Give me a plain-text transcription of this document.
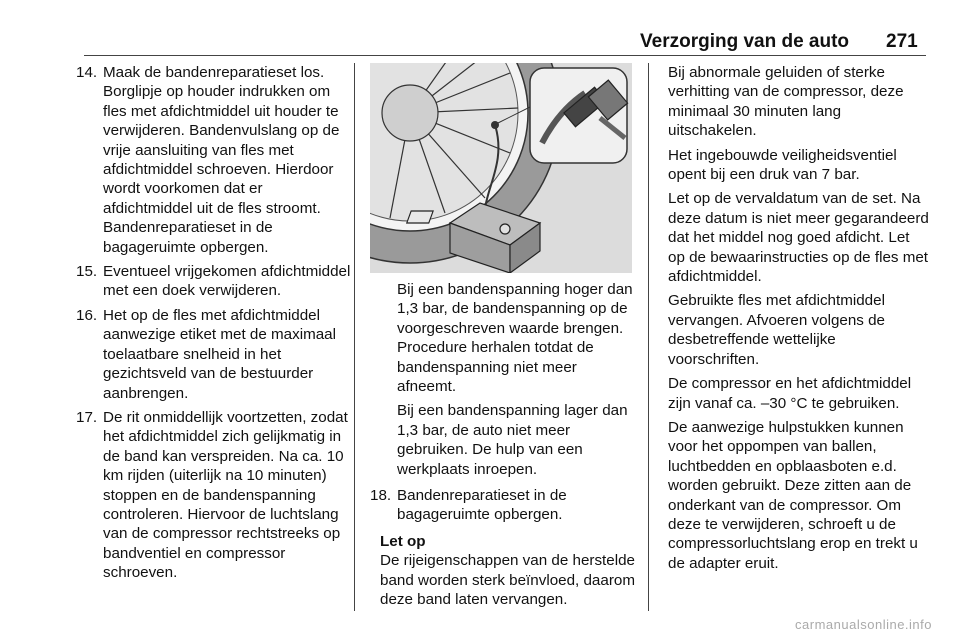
Verzorging van de auto 271
14. Maak de bandenreparatieset los. Borglipje op houder indrukken om fles met afdichtmiddel uit houder te verwijderen. Bandenvulslang op de vrije aansluiting van fles met afdichtmiddel schroeven. Hierdoor wordt voorkomen dat er afdichtmiddel uit de fles stroomt. Bandenreparatieset in de bagageruimte opbergen.
15. Eventueel vrijgekomen afdichtmiddel met een doek verwijderen.
16. Het op de fles met afdichtmiddel aanwezige etiket met de maximaal toelaatbare snelheid in het gezichtsveld van de bestuurder aanbrengen.
17. De rit onmiddellijk voortzetten, zodat het afdichtmiddel zich gelijkmatig in de band kan verspreiden. Na ca. 10 km rijden (uiterlijk na 10 minuten) stoppen en de bandenspanning controleren. Hiervoor de luchtslang van de compressor rechtstreeks op bandventiel en compressor schroeven.
Bij een bandenspanning hoger dan 1,3 bar, de bandenspanning op de voorgeschreven waarde brengen. Procedure herhalen totdat de bandenspanning niet meer afneemt.
Bij een bandenspanning lager dan 1,3 bar, de auto niet meer gebruiken. De hulp van een werkplaats inroepen.
18. Bandenreparatieset in de bagageruimte opbergen.
Let op
De rijeigenschappen van de herstelde band worden sterk beïnvloed, daarom deze band laten vervangen.
Bij abnormale geluiden of sterke verhitting van de compressor, deze minimaal 30 minuten lang uitschakelen.
Het ingebouwde veiligheidsventiel opent bij een druk van 7 bar.
Let op de vervaldatum van de set. Na deze datum is niet meer gegarandeerd dat het middel nog goed afdicht. Let op de bewaarinstructies op de fles met afdichtmiddel.
Gebruikte fles met afdichtmiddel vervangen. Afvoeren volgens de desbetreffende wettelijke voorschriften.
De compressor en het afdichtmiddel zijn vanaf ca. –30 °C te gebruiken.
De aanwezige hulpstukken kunnen voor het oppompen van ballen, luchtbedden en opblaasboten e.d. worden gebruikt. Deze zitten aan de onderkant van de compressor. Om deze te verwijderen, schroeft u de compressorluchtslang erop en trekt u de adapter eruit.
carmanualsonline.info
